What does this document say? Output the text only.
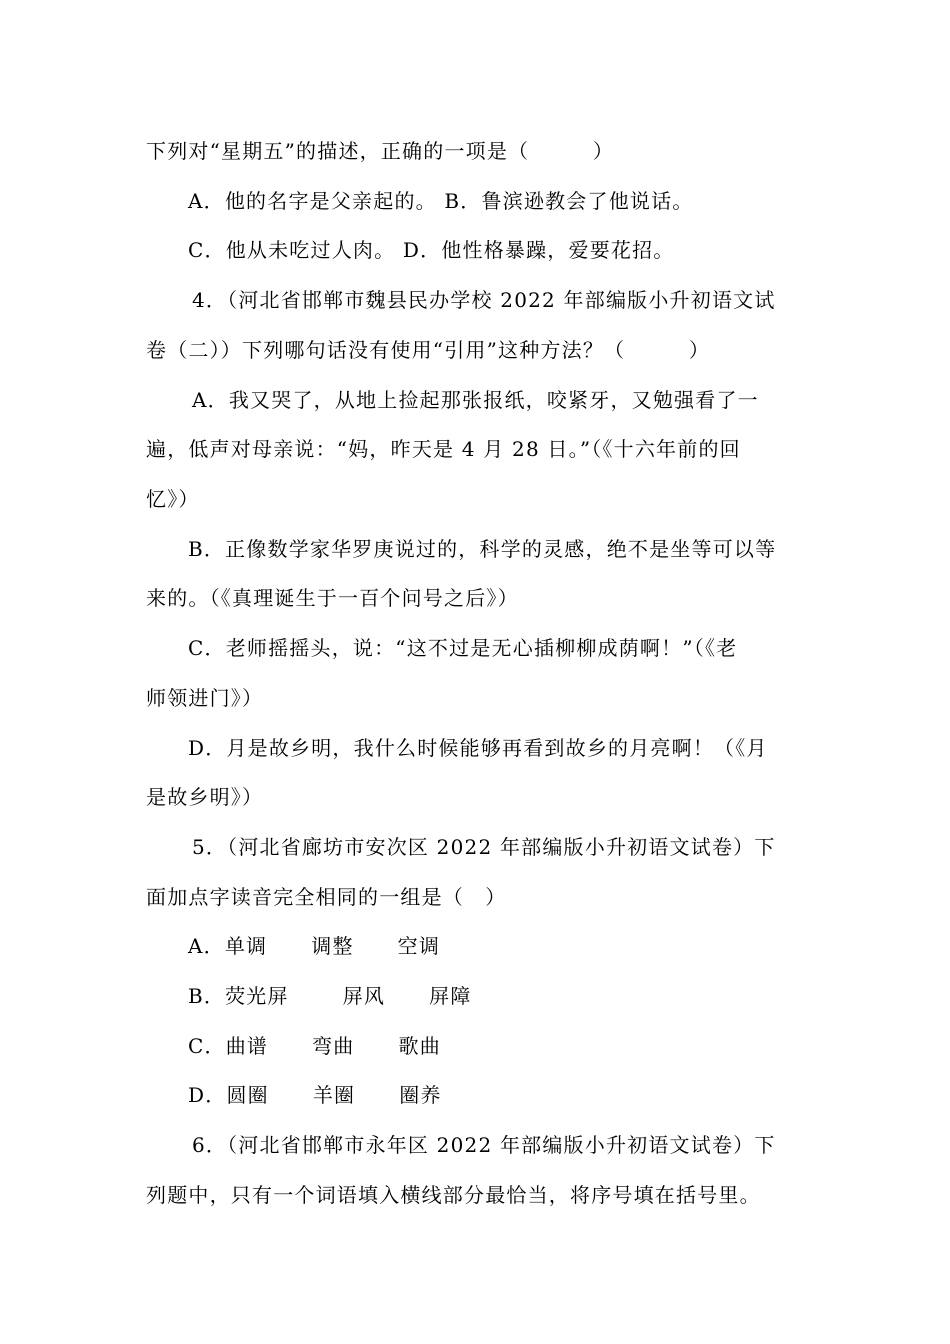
下列对“星期五”的描述，正确的一项是（　　　）
A．他的名字是父亲起的。 B．鲁滨逊教会了他说话。
C．他从未吃过人肉。 D．他性格暴躁，爱要花招。
4．（河北省邯郸市魏县民办学校 2022 年部编版小升初语文试
卷（二））下列哪句话没有使用“引用”这种方法？（　　　）
A．我又哭了，从地上捡起那张报纸，咬紧牙，又勉强看了一
遍，低声对母亲说：“妈，昨天是 4 月 28 日。”（《十六年前的回
忆》）
B．正像数学家华罗庚说过的，科学的灵感，绝不是坐等可以等
来的。（《真理诞生于一百个问号之后》）
C．老师摇摇头，说：“这不过是无心插柳柳成荫啊！”（《老
师领进门》）
D．月是故乡明，我什么时候能够再看到故乡的月亮啊！（《月
是故乡明》）
5．（河北省廊坊市安次区 2022 年部编版小升初语文试卷）下
面加点字读音完全相同的一组是（　）
A．单调 调整 空调
B．荧光屏	屏风 屏障
C．曲谱 弯曲 歌曲
D．圆圈 羊圈 圈养
6．（河北省邯郸市永年区 2022 年部编版小升初语文试卷）下
列题中，只有一个词语填入横线部分最恰当，将序号填在括号里。
